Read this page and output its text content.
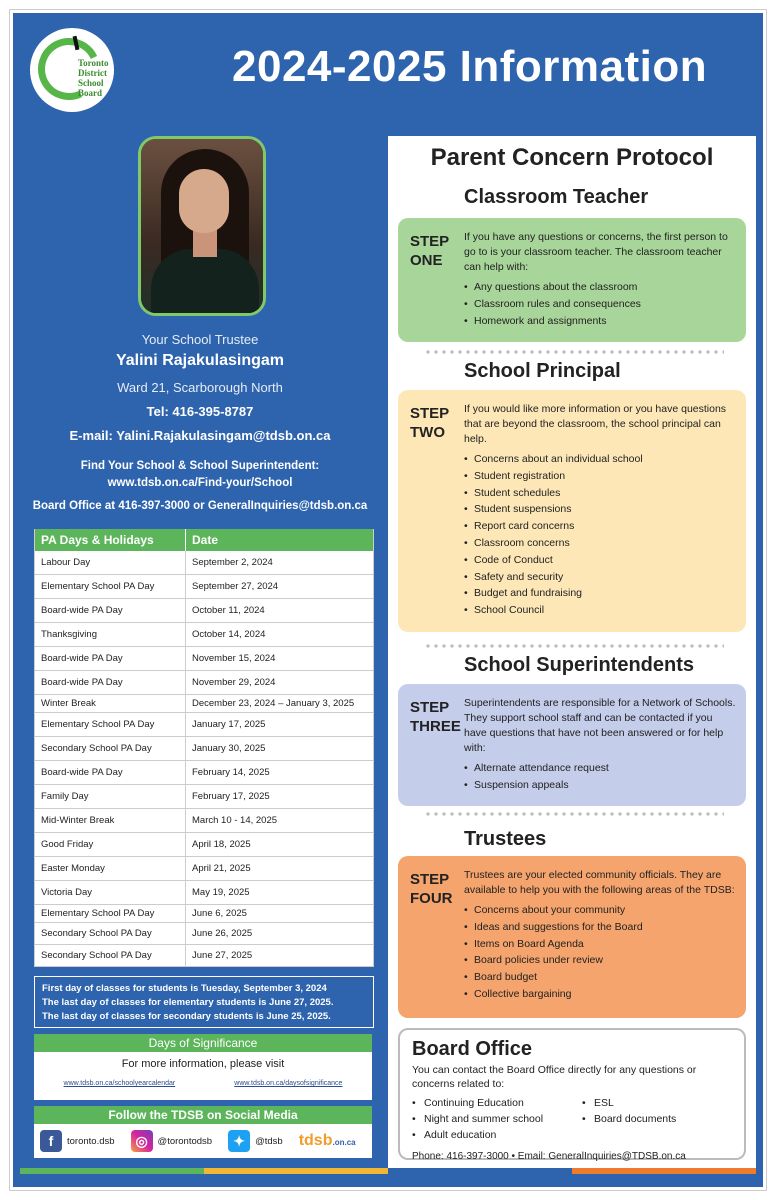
Toronto
District
School
Board
2024-2025 Information
Your School Trustee
Yalini Rajakulasingam
Ward 21, Scarborough North
Tel: 416-395-8787
E-mail: Yalini.Rajakulasingam@tdsb.on.ca
Find Your School & School Superintendent:
www.tdsb.on.ca/Find-your/School
Board Office at 416-397-3000 or GeneralInquiries@tdsb.on.ca
PA Days & Holidays	Date
Labour Day	September 2, 2024
Elementary School PA Day	September 27, 2024
Board-wide PA Day	October 11, 2024
Thanksgiving	October 14, 2024
Board-wide PA Day	November 15, 2024
Board-wide PA Day	November 29, 2024
Winter Break	December 23, 2024 – January 3, 2025
Elementary School PA Day	January 17, 2025
Secondary School PA Day	January 30, 2025
Board-wide PA Day	February 14, 2025
Family Day	February 17, 2025
Mid-Winter Break	March 10 - 14, 2025
Good Friday	April 18, 2025
Easter Monday	April 21, 2025
Victoria Day	May 19, 2025
Elementary School PA Day	June 6, 2025
Secondary School PA Day	June 26, 2025
Secondary School PA Day	June 27, 2025
First day of classes for students is Tuesday, September 3, 2024
The last day of classes for elementary students is June 27, 2025.
The last day of classes for secondary students is June 25, 2025.
Days of Significance
For more information, please visit
www.tdsb.on.ca/schoolyearcalendar	www.tdsb.on.ca/daysofsignificance
Follow the TDSB on Social Media
f	toronto.dsb	◎	@torontodsb	✦	@tdsb tdsb.on.ca
Parent Concern Protocol
Classroom Teacher
STEP
ONE
If you have any questions or concerns, the first person to go to is your classroom teacher. The classroom teacher can help with:
• Any questions about the classroom
• Classroom rules and consequences
• Homework and assignments
School Principal
STEP
TWO
If you would like more information or you have questions that are beyond the classroom, the school principal can help.
• Concerns about an individual school
• Student registration
• Student schedules
• Student suspensions
• Report card concerns
• Classroom concerns
• Code of Conduct
• Safety and security
• Budget and fundraising
• School Council
School Superintendents
STEP
THREE
Superintendents are responsible for a Network of Schools. They support school staff and can be contacted if you have questions that have not been answered or for help with:
• Alternate attendance request
• Suspension appeals
Trustees
STEP
FOUR
Trustees are your elected community officials. They are available to help you with the following areas of the TDSB:
• Concerns about your community
• Ideas and suggestions for the Board
• Items on Board Agenda
• Board policies under review
• Board budget
• Collective bargaining
Board Office
You can contact the Board Office directly for any questions or concerns related to:
• Continuing Education
• Night and summer school
• Adult education
• ESL
• Board documents
Phone: 416-397-3000 • Email: GeneralInquiries@TDSB.on.ca
